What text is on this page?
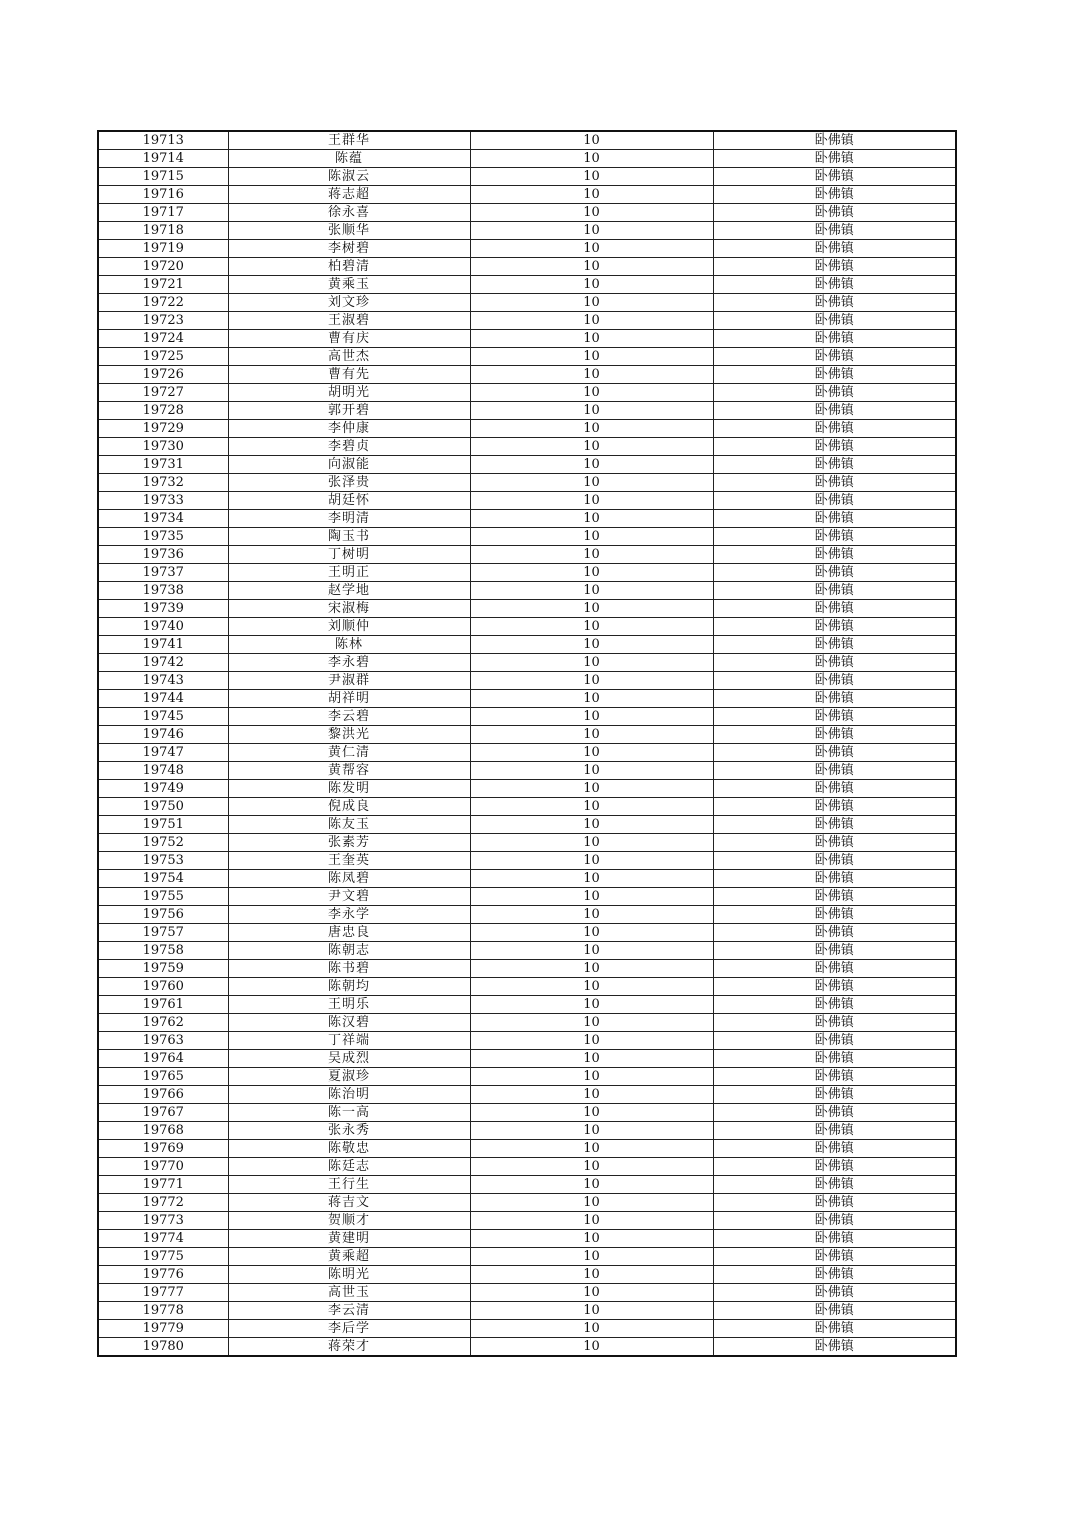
19713	王群华	10	卧佛镇
19714	陈蕴	10	卧佛镇
19715	陈淑云	10	卧佛镇
19716	蒋志超	10	卧佛镇
19717	徐永喜	10	卧佛镇
19718	张顺华	10	卧佛镇
19719	李树碧	10	卧佛镇
19720	柏碧清	10	卧佛镇
19721	黄乘玉	10	卧佛镇
19722	刘文珍	10	卧佛镇
19723	王淑碧	10	卧佛镇
19724	曹有庆	10	卧佛镇
19725	高世杰	10	卧佛镇
19726	曹有先	10	卧佛镇
19727	胡明光	10	卧佛镇
19728	郭开碧	10	卧佛镇
19729	李仲康	10	卧佛镇
19730	李碧贞	10	卧佛镇
19731	向淑能	10	卧佛镇
19732	张泽贵	10	卧佛镇
19733	胡廷怀	10	卧佛镇
19734	李明清	10	卧佛镇
19735	陶玉书	10	卧佛镇
19736	丁树明	10	卧佛镇
19737	王明正	10	卧佛镇
19738	赵学地	10	卧佛镇
19739	宋淑梅	10	卧佛镇
19740	刘顺仲	10	卧佛镇
19741	陈林	10	卧佛镇
19742	李永碧	10	卧佛镇
19743	尹淑群	10	卧佛镇
19744	胡祥明	10	卧佛镇
19745	李云碧	10	卧佛镇
19746	黎洪光	10	卧佛镇
19747	黄仁清	10	卧佛镇
19748	黄帮容	10	卧佛镇
19749	陈发明	10	卧佛镇
19750	倪成良	10	卧佛镇
19751	陈友玉	10	卧佛镇
19752	张素芳	10	卧佛镇
19753	王奎英	10	卧佛镇
19754	陈凤碧	10	卧佛镇
19755	尹文碧	10	卧佛镇
19756	李永学	10	卧佛镇
19757	唐忠良	10	卧佛镇
19758	陈朝志	10	卧佛镇
19759	陈书碧	10	卧佛镇
19760	陈朝均	10	卧佛镇
19761	王明乐	10	卧佛镇
19762	陈汉碧	10	卧佛镇
19763	丁祥端	10	卧佛镇
19764	吴成烈	10	卧佛镇
19765	夏淑珍	10	卧佛镇
19766	陈治明	10	卧佛镇
19767	陈一高	10	卧佛镇
19768	张永秀	10	卧佛镇
19769	陈敬忠	10	卧佛镇
19770	陈廷志	10	卧佛镇
19771	王行生	10	卧佛镇
19772	蒋吉文	10	卧佛镇
19773	贺顺才	10	卧佛镇
19774	黄建明	10	卧佛镇
19775	黄乘超	10	卧佛镇
19776	陈明光	10	卧佛镇
19777	高世玉	10	卧佛镇
19778	李云清	10	卧佛镇
19779	李后学	10	卧佛镇
19780	蒋荣才	10	卧佛镇
